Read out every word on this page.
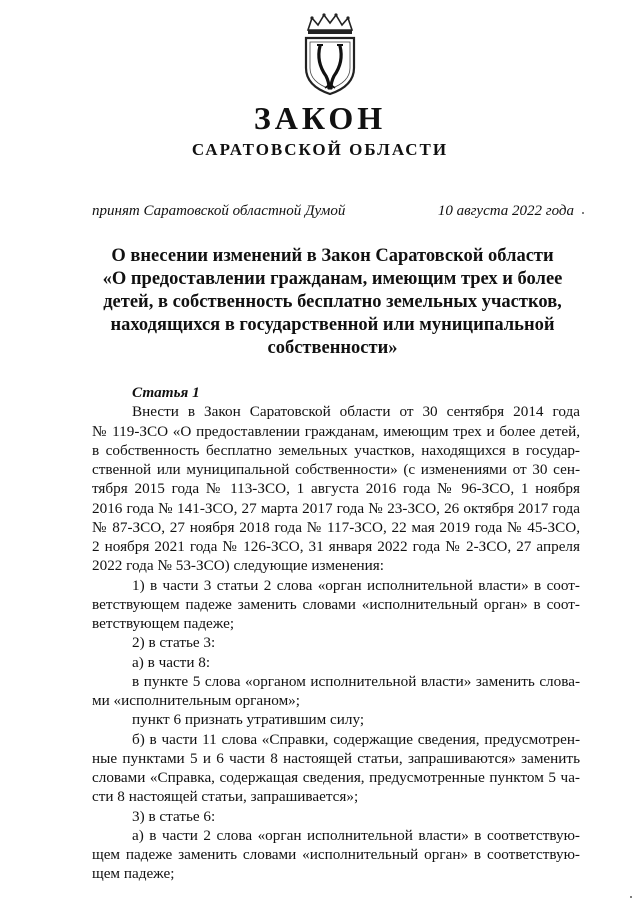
ЗАКОН
САРАТОВСКОЙ ОБЛАСТИ
принят Саратовской областной Думой	10 августа 2022 года
О внесении изменений в Закон Саратовской области
«О предоставлении гражданам, имеющим трех и более
детей, в собственность бесплатно земельных участков,
находящихся в государственной или муниципальной
собственности»
Статья 1
Внести в Закон Саратовской области от 30 сентября 2014 года
№ 119-ЗСО «О предоставлении гражданам, имеющим трех и более детей,
в собственность бесплатно земельных участков, находящихся в государ-
ственной или муниципальной собственности» (с изменениями от 30 сен-
тября 2015 года № 113-ЗСО, 1 августа 2016 года № 96-ЗСО, 1 ноября
2016 года № 141-ЗСО, 27 марта 2017 года № 23-ЗСО, 26 октября 2017 года
№ 87-ЗСО, 27 ноября 2018 года № 117-ЗСО, 22 мая 2019 года № 45-ЗСО,
2 ноября 2021 года № 126-ЗСО, 31 января 2022 года № 2-ЗСО, 27 апреля
2022 года № 53-ЗСО) следующие изменения:
1) в части 3 статьи 2 слова «орган исполнительной власти» в соот-
ветствующем падеже заменить словами «исполнительный орган» в соот-
ветствующем падеже;
2) в статье 3:
а) в части 8:
в пункте 5 слова «органом исполнительной власти» заменить слова-
ми «исполнительным органом»;
пункт 6 признать утратившим силу;
б) в части 11 слова «Справки, содержащие сведения, предусмотрен-
ные пунктами 5 и 6 части 8 настоящей статьи, запрашиваются» заменить
словами «Справка, содержащая сведения, предусмотренные пунктом 5 ча-
сти 8 настоящей статьи, запрашивается»;
3) в статье 6:
а) в части 2 слова «орган исполнительной власти» в соответствую-
щем падеже заменить словами «исполнительный орган» в соответствую-
щем падеже;
